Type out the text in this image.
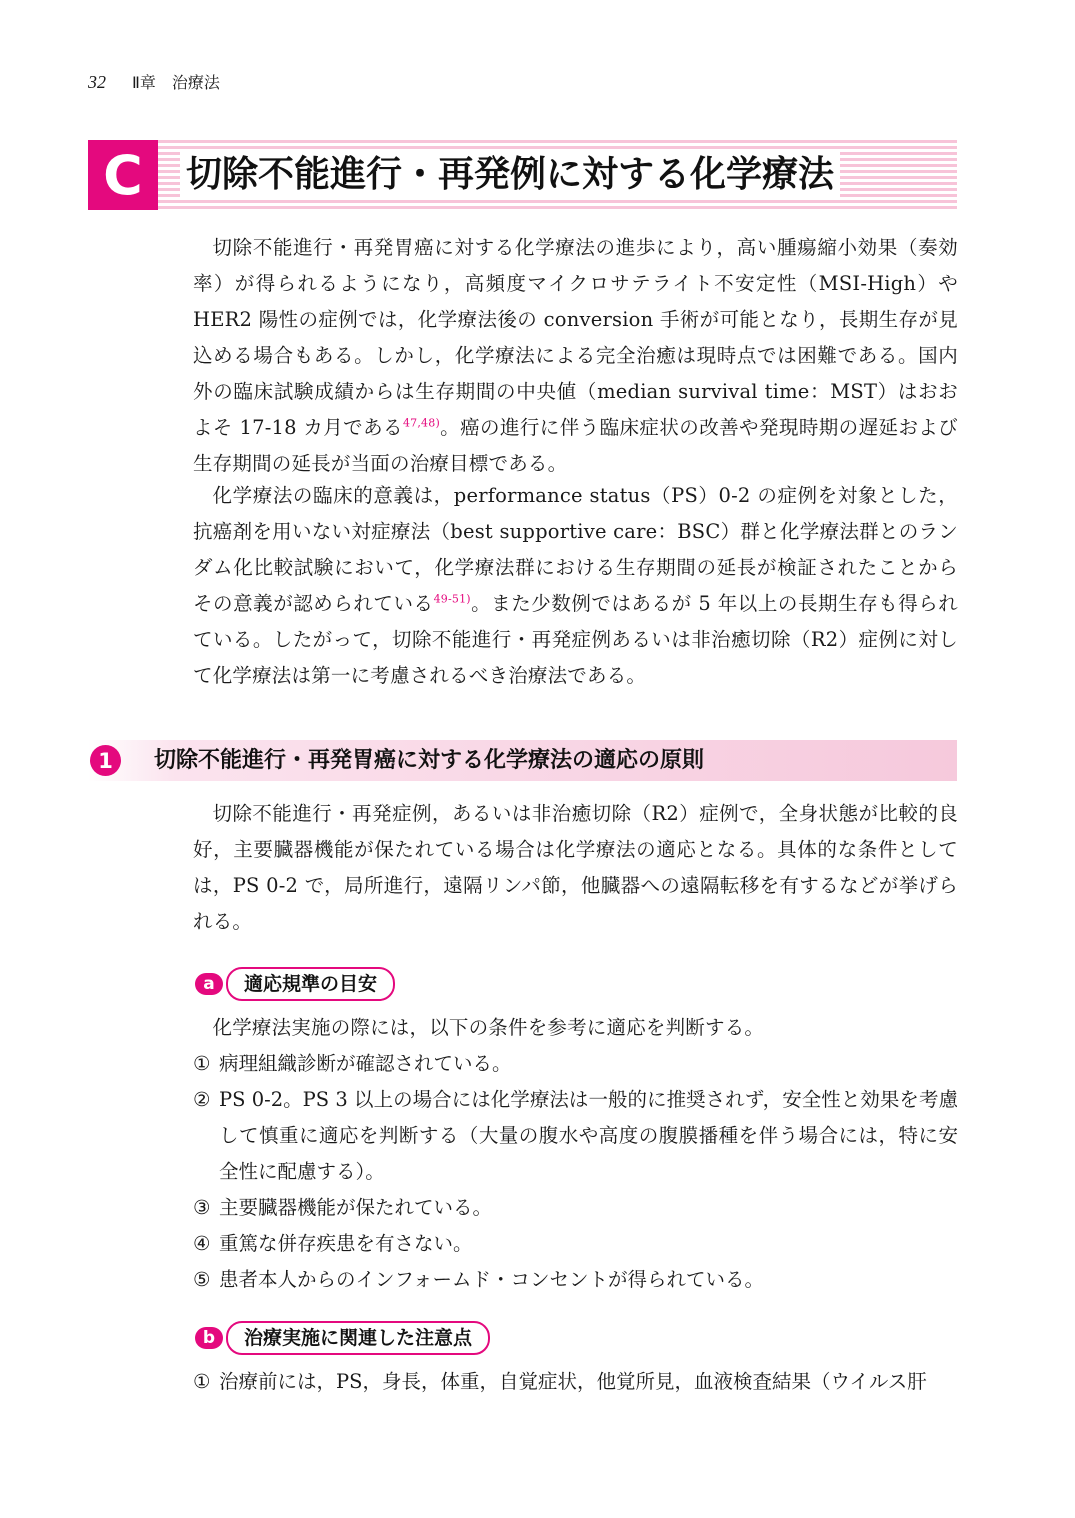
32 Ⅱ章　治療法
C	切除不能進行・再発例に対する化学療法

切除不能進行・再発胃癌に対する化学療法の進歩により，高い腫瘍縮小効果（奏効率）が得られるようになり，高頻度マイクロサテライト不安定性（MSI-High）やHER2 陽性の症例では，化学療法後の conversion 手術が可能となり，長期生存が見込める場合もある。しかし，化学療法による完全治癒は現時点では困難である。国内外の臨床試験成績からは生存期間の中央値（median survival time：MST）はおおよそ 17-18 カ月である$^{47,48)}$。癌の進行に伴う臨床症状の改善や発現時期の遅延および生存期間の延長が当面の治療目標である。

化学療法の臨床的意義は，performance status（PS）0-2 の症例を対象とした，抗癌剤を用いない対症療法（best supportive care：BSC）群と化学療法群とのランダム化比較試験において，化学療法群における生存期間の延長が検証されたことからその意義が認められている$^{49-51)}$。また少数例ではあるが 5 年以上の長期生存も得られている。したがって，切除不能進行・再発症例あるいは非治癒切除（R2）症例に対して化学療法は第一に考慮されるべき治療法である。

1	切除不能進行・再発胃癌に対する化学療法の適応の原則

切除不能進行・再発症例，あるいは非治癒切除（R2）症例で，全身状態が比較的良好，主要臓器機能が保たれている場合は化学療法の適応となる。具体的な条件としては，PS 0-2 で，局所進行，遠隔リンパ節，他臓器への遠隔転移を有するなどが挙げられる。

a	適応規準の目安

化学療法実施の際には，以下の条件を参考に適応を判断する。

① 病理組織診断が確認されている。
② PS 0-2。PS 3 以上の場合には化学療法は一般的に推奨されず，安全性と効果を考慮して慎重に適応を判断する（大量の腹水や高度の腹膜播種を伴う場合には，特に安全性に配慮する）。
③ 主要臓器機能が保たれている。
④ 重篤な併存疾患を有さない。
⑤ 患者本人からのインフォームド・コンセントが得られている。
b	治療実施に関連した注意点
① 治療前には，PS，身長，体重，自覚症状，他覚所見，血液検査結果（ウイルス肝
